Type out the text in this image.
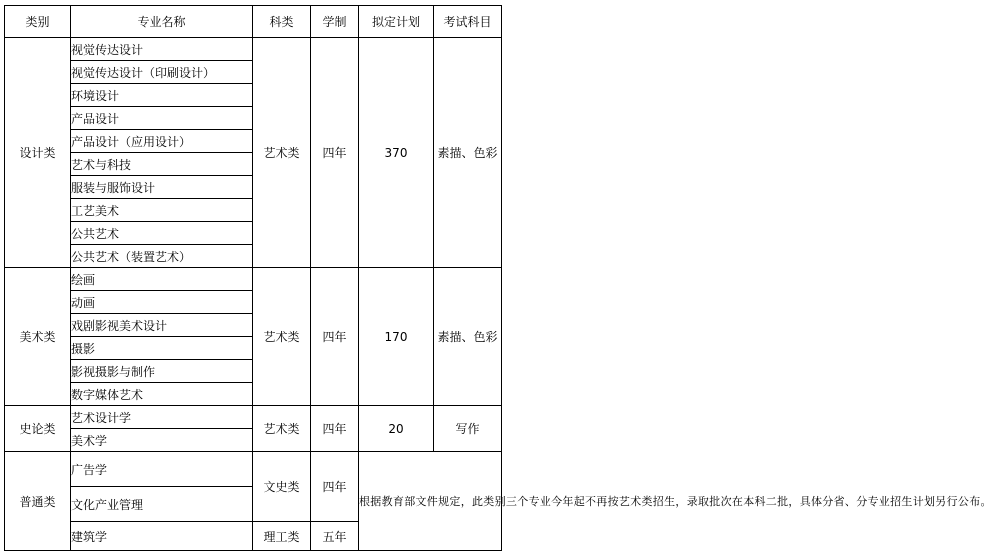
类别	专业名称	科类	学制	拟定计划	考试科目
设计类	视觉传达设计	艺术类	四年	370	素描、色彩
	视觉传达设计（印刷设计）				
	环境设计				
	产品设计				
	产品设计（应用设计）				
	艺术与科技				
	服装与服饰设计				
	工艺美术				
	公共艺术				
	公共艺术（装置艺术）				
美术类	绘画	艺术类	四年	170	素描、色彩
	动画				
	戏剧影视美术设计				
	摄影				
	影视摄影与制作				
	数字媒体艺术				
史论类	艺术设计学	艺术类	四年	20	写作
	美术学				
普通类	广告学	文史类	四年	根据教育部文件规定，此类别三个专业今年起不再按艺术类招生，录取批次在本科二批，具体分省、分专业招生计划另行公布。	
	文化产业管理				
	建筑学	理工类	五年		
